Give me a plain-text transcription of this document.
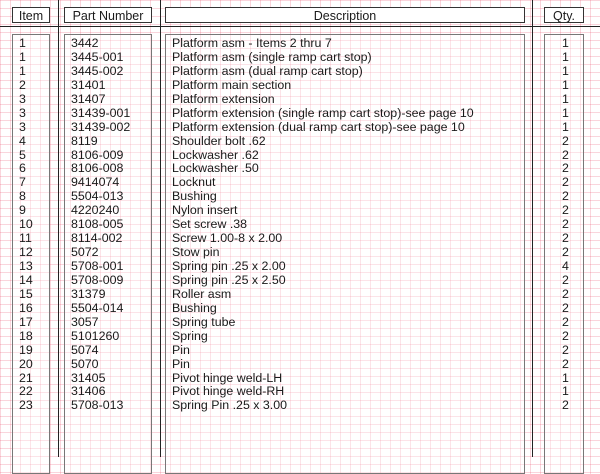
Item	Part Number	Description	Qty.
1	3442	Platform asm - Items 2 thru 7	1
1	3445-001	Platform asm (single ramp cart stop)	1
1	3445-002	Platform asm (dual ramp cart stop)	1
2	31401	Platform main section	1
3	31407	Platform extension	1
3	31439-001	Platform extension (single ramp cart stop)-see page 10	1
3	31439-002	Platform extension (dual ramp cart stop)-see page 10	1
4	8119	Shoulder bolt .62	2
5	8106-009	Lockwasher .62	2
6	8106-008	Lockwasher .50	2
7	9414074	Locknut	2
8	5504-013	Bushing	2
9	4220240	Nylon insert	2
10	8108-005	Set screw .38	2
11	8114-002	Screw 1.00-8 x 2.00	2
12	5072	Stow pin	2
13	5708-001	Spring pin .25 x 2.00	4
14	5708-009	Spring pin .25 x 2.50	2
15	31379	Roller asm	2
16	5504-014	Bushing	2
17	3057	Spring tube	2
18	5101260	Spring	2
19	5074	Pin	2
20	5070	Pin	2
21	31405	Pivot hinge weld-LH	1
22	31406	Pivot hinge weld-RH	1
23	5708-013	Spring Pin .25 x 3.00	2
